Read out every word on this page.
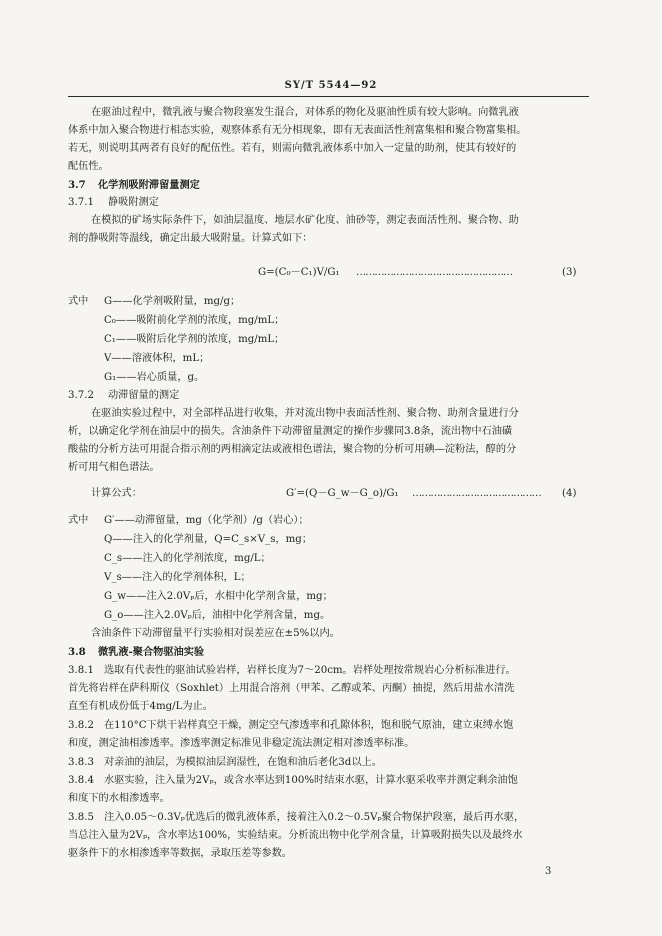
SY/T 5544—92
在驱油过程中，微乳液与聚合物段塞发生混合，对体系的物化及驱油性质有较大影响。向微乳液
体系中加入聚合物进行相态实验，观察体系有无分相现象，即有无表面活性剂富集相和聚合物富集相。
若无，则说明其两者有良好的配伍性。若有，则需向微乳液体系中加入一定量的助剂，使其有较好的
配伍性。
3.7 化学剂吸附滞留量测定
3.7.1 静吸附测定
在模拟的矿场实际条件下，如油层温度、地层水矿化度、油砂等，测定表面活性剂、聚合物、助
剂的静吸附等温线，确定出最大吸附量。计算式如下：
G=(C₀－C₁)V/G₁ ……………………………………………	(3)
式中 G——化学剂吸附量，mg/g；
C₀——吸附前化学剂的浓度，mg/mL；
C₁——吸附后化学剂的浓度，mg/mL；
V——溶液体积，mL；
G₁——岩心质量，g。
3.7.2 动滞留量的测定
在驱油实验过程中，对全部样品进行收集，并对流出物中表面活性剂、聚合物、助剂含量进行分
析，以确定化学剂在油层中的损失。含油条件下动滞留量测定的操作步骤同3.8条，流出物中石油磺
酸盐的分析方法可用混合指示剂的两相滴定法或液相色谱法，聚合物的分析可用碘—淀粉法，醇的分
析可用气相色谱法。
计算公式：	G′=(Q－G_w－G_o)/G₁ …………………………………… (4)
式中 G′——动滞留量，mg（化学剂）/g（岩心）；
Q——注入的化学剂量，Q=C_s×V_s，mg；
C_s——注入的化学剂浓度，mg/L；
V_s——注入的化学剂体积，L；
G_w——注入2.0Vₚ后，水相中化学剂含量，mg；
G_o——注入2.0Vₚ后，油相中化学剂含量，mg。
含油条件下动滞留量平行实验相对误差应在±5%以内。
3.8 微乳液-聚合物驱油实验
3.8.1 选取有代表性的驱油试验岩样，岩样长度为7～20cm。岩样处理按常规岩心分析标准进行。
首先将岩样在萨科斯仪（Soxhlet）上用混合溶剂（甲苯、乙醇或苯、丙酮）抽提，然后用盐水清洗
直至有机成份低于4mg/L为止。
3.8.2 在110°C下烘干岩样真空干燥，测定空气渗透率和孔隙体积，饱和脱气原油，建立束缚水饱
和度，测定油相渗透率。渗透率测定标准见非稳定流法测定相对渗透率标准。
3.8.3 对亲油的油层，为模拟油层润湿性，在饱和油后老化3d以上。
3.8.4 水驱实验，注入量为2Vₚ，或含水率达到100%时结束水驱，计算水驱采收率并测定剩余油饱
和度下的水相渗透率。
3.8.5 注入0.05～0.3Vₚ优选后的微乳液体系，接着注入0.2～0.5Vₚ聚合物保护段塞，最后再水驱，
当总注入量为2Vₚ，含水率达100%，实验结束。分析流出物中化学剂含量，计算吸附损失以及最终水
驱条件下的水相渗透率等数据，录取压差等参数。
3
